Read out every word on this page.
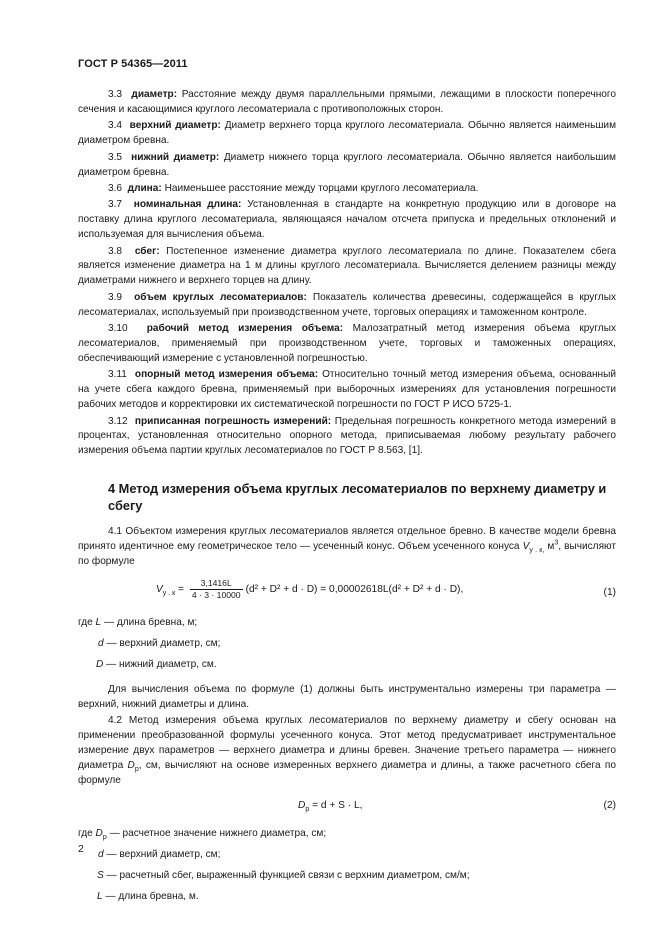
ГОСТ Р 54365—2011

3.3 диаметр: Расстояние между двумя параллельными прямыми, лежащими в плоскости поперечного сечения и касающимися круглого лесоматериала с противоположных сторон.

3.4 верхний диаметр: Диаметр верхнего торца круглого лесоматериала. Обычно является наименьшим диаметром бревна.

3.5 нижний диаметр: Диаметр нижнего торца круглого лесоматериала. Обычно является наибольшим диаметром бревна.

3.6 длина: Наименьшее расстояние между торцами круглого лесоматериала.

3.7 номинальная длина: Установленная в стандарте на конкретную продукцию или в договоре на поставку длина круглого лесоматериала, являющаяся началом отсчета припуска и предельных отклонений и используемая для вычисления объема.

3.8 сбег: Постепенное изменение диаметра круглого лесоматериала по длине. Показателем сбега является изменение диаметра на 1 м длины круглого лесоматериала. Вычисляется делением разницы между диаметрами нижнего и верхнего торцев на длину.

3.9 объем круглых лесоматериалов: Показатель количества древесины, содержащейся в круглых лесоматериалах, используемый при производственном учете, торговых операциях и таможенном контроле.

3.10 рабочий метод измерения объема: Малозатратный метод измерения объема круглых лесоматериалов, применяемый при производственном учете, торговых и таможенных операциях, обеспечивающий измерение с установленной погрешностью.

3.11 опорный метод измерения объема: Относительно точный метод измерения объема, основанный на учете сбега каждого бревна, применяемый при выборочных измерениях для установления погрешности рабочих методов и корректировки их систематической погрешности по ГОСТ Р ИСО 5725-1.

3.12 приписанная погрешность измерений: Предельная погрешность конкретного метода измерений в процентах, установленная относительно опорного метода, приписываемая любому результату рабочего измерения объема партии круглых лесоматериалов по ГОСТ Р 8.563, [1].

4 Метод измерения объема круглых лесоматериалов по верхнему диаметру и сбегу

4.1 Объектом измерения круглых лесоматериалов является отдельное бревно. В качестве модели бревна принято идентичное ему геометрическое тело — усеченный конус. Объем усеченного конуса $V_{у . к,}$ $м^3$, вычисляют по формуле

$V_{у . к} = \frac{3,1416L}{4 \cdot 3 \cdot 10000} (d^2 + D^2 + d \cdot D) = 0,00002618L(d^2 + D^2 + d \cdot D)$,	(1)
где L — длина бревна, м;
d — верхний диаметр, см;
D — нижний диаметр, см.

Для вычисления объема по формуле (1) должны быть инструментально измерены три параметра — верхний, нижний диаметры и длина.

4.2 Метод измерения объема круглых лесоматериалов по верхнему диаметру и сбегу основан на применении преобразованной формулы усеченного конуса. Этот метод предусматривает инструментальное измерение двух параметров — верхнего диаметра и длины бревен. Значение третьего параметра — нижнего диаметра $D_p$, см, вычисляют на основе измеренных верхнего диаметра и длины, а также расчетного сбега по формуле

$D_p = d + S \cdot L$,	(2)
где $D_p$ — расчетное значение нижнего диаметра, см;
d — верхний диаметр, см;
S — расчетный сбег, выраженный функцией связи с верхним диаметром, см/м;
L — длина бревна, м.
2
